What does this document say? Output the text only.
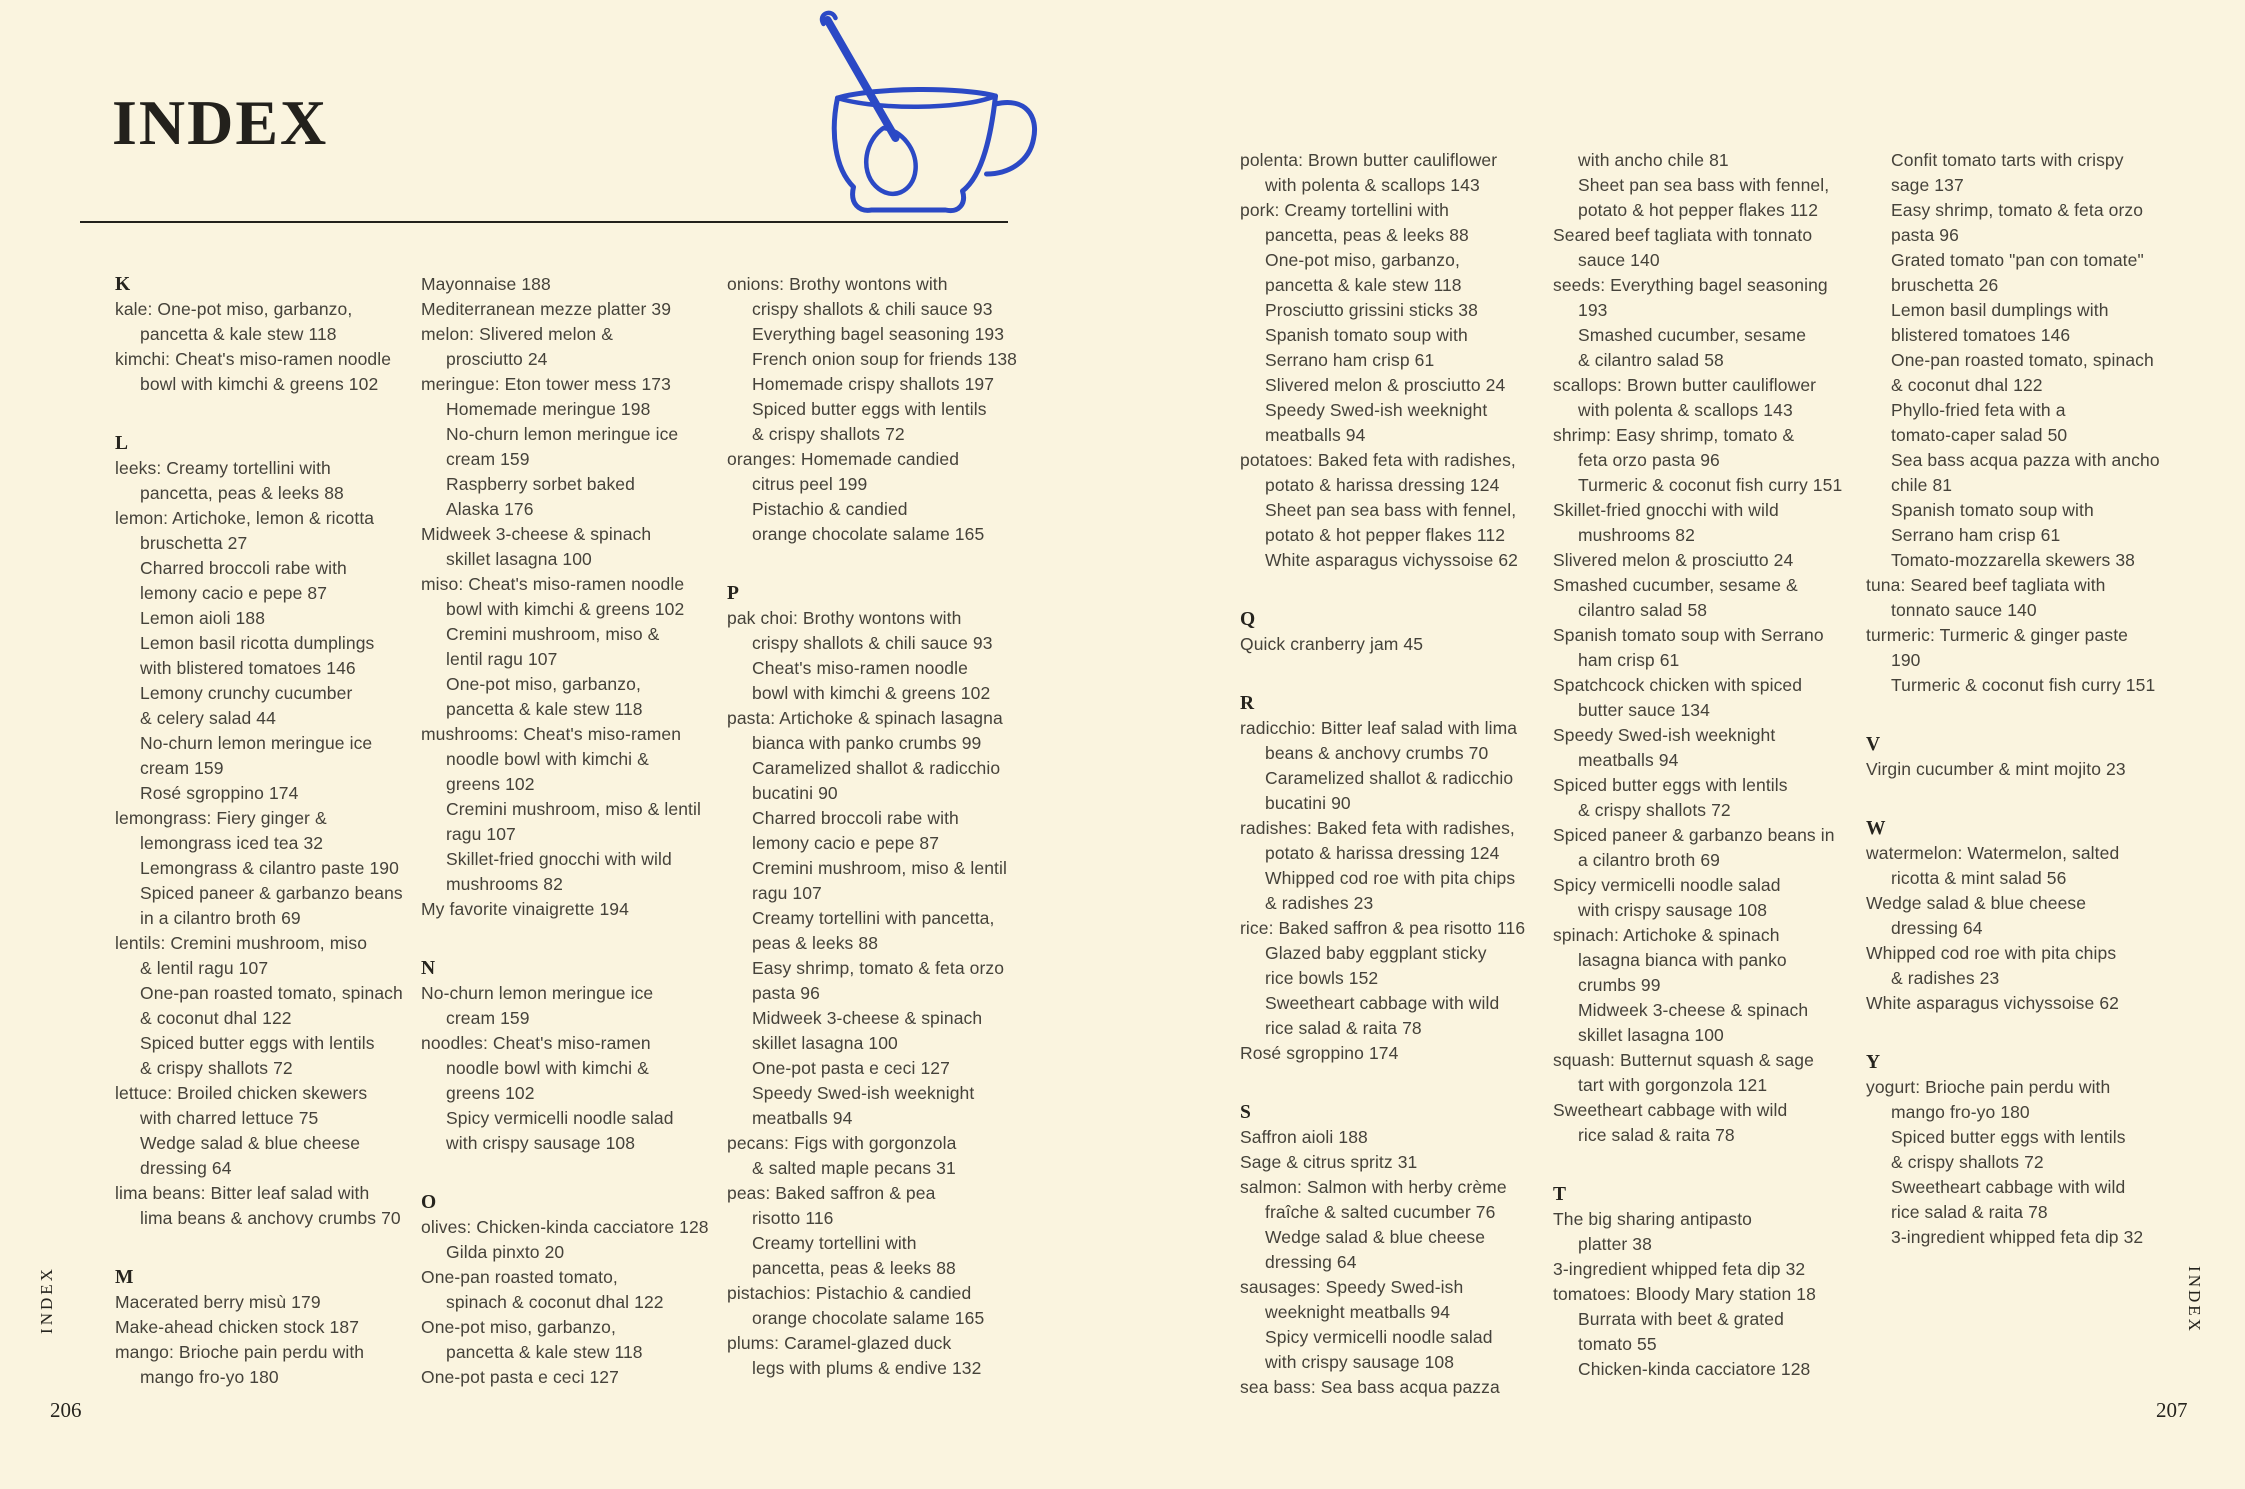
INDEX
K
kale: One-pot miso, garbanzo,
pancetta & kale stew 118
kimchi: Cheat's miso-ramen noodle
bowl with kimchi & greens 102
L
leeks: Creamy tortellini with
pancetta, peas & leeks 88
lemon: Artichoke, lemon & ricotta
bruschetta 27
Charred broccoli rabe with
lemony cacio e pepe 87
Lemon aioli 188
Lemon basil ricotta dumplings
with blistered tomatoes 146
Lemony crunchy cucumber
& celery salad 44
No-churn lemon meringue ice
cream 159
Rosé sgroppino 174
lemongrass: Fiery ginger &
lemongrass iced tea 32
Lemongrass & cilantro paste 190
Spiced paneer & garbanzo beans
in a cilantro broth 69
lentils: Cremini mushroom, miso
& lentil ragu 107
One-pan roasted tomato, spinach
& coconut dhal 122
Spiced butter eggs with lentils
& crispy shallots 72
lettuce: Broiled chicken skewers
with charred lettuce 75
Wedge salad & blue cheese
dressing 64
lima beans: Bitter leaf salad with
lima beans & anchovy crumbs 70
M
Macerated berry misù 179
Make-ahead chicken stock 187
mango: Brioche pain perdu with
mango fro-yo 180
Mayonnaise 188
Mediterranean mezze platter 39
melon: Slivered melon &
prosciutto 24
meringue: Eton tower mess 173
Homemade meringue 198
No-churn lemon meringue ice
cream 159
Raspberry sorbet baked
Alaska 176
Midweek 3-cheese & spinach
skillet lasagna 100
miso: Cheat's miso-ramen noodle
bowl with kimchi & greens 102
Cremini mushroom, miso &
lentil ragu 107
One-pot miso, garbanzo,
pancetta & kale stew 118
mushrooms: Cheat's miso-ramen
noodle bowl with kimchi &
greens 102
Cremini mushroom, miso & lentil
ragu 107
Skillet-fried gnocchi with wild
mushrooms 82
My favorite vinaigrette 194
N
No-churn lemon meringue ice
cream 159
noodles: Cheat's miso-ramen
noodle bowl with kimchi &
greens 102
Spicy vermicelli noodle salad
with crispy sausage 108
O
olives: Chicken-kinda cacciatore 128
Gilda pinxto 20
One-pan roasted tomato,
spinach & coconut dhal 122
One-pot miso, garbanzo,
pancetta & kale stew 118
One-pot pasta e ceci 127
onions: Brothy wontons with
crispy shallots & chili sauce 93
Everything bagel seasoning 193
French onion soup for friends 138
Homemade crispy shallots 197
Spiced butter eggs with lentils
& crispy shallots 72
oranges: Homemade candied
citrus peel 199
Pistachio & candied
orange chocolate salame 165
P
pak choi: Brothy wontons with
crispy shallots & chili sauce 93
Cheat's miso-ramen noodle
bowl with kimchi & greens 102
pasta: Artichoke & spinach lasagna
bianca with panko crumbs 99
Caramelized shallot & radicchio
bucatini 90
Charred broccoli rabe with
lemony cacio e pepe 87
Cremini mushroom, miso & lentil
ragu 107
Creamy tortellini with pancetta,
peas & leeks 88
Easy shrimp, tomato & feta orzo
pasta 96
Midweek 3-cheese & spinach
skillet lasagna 100
One-pot pasta e ceci 127
Speedy Swed-ish weeknight
meatballs 94
pecans: Figs with gorgonzola
& salted maple pecans 31
peas: Baked saffron & pea
risotto 116
Creamy tortellini with
pancetta, peas & leeks 88
pistachios: Pistachio & candied
orange chocolate salame 165
plums: Caramel-glazed duck
legs with plums & endive 132
polenta: Brown butter cauliflower
with polenta & scallops 143
pork: Creamy tortellini with
pancetta, peas & leeks 88
One-pot miso, garbanzo,
pancetta & kale stew 118
Prosciutto grissini sticks 38
Spanish tomato soup with
Serrano ham crisp 61
Slivered melon & prosciutto 24
Speedy Swed-ish weeknight
meatballs 94
potatoes: Baked feta with radishes,
potato & harissa dressing 124
Sheet pan sea bass with fennel,
potato & hot pepper flakes 112
White asparagus vichyssoise 62
Q
Quick cranberry jam 45
R
radicchio: Bitter leaf salad with lima
beans & anchovy crumbs 70
Caramelized shallot & radicchio
bucatini 90
radishes: Baked feta with radishes,
potato & harissa dressing 124
Whipped cod roe with pita chips
& radishes 23
rice: Baked saffron & pea risotto 116
Glazed baby eggplant sticky
rice bowls 152
Sweetheart cabbage with wild
rice salad & raita 78
Rosé sgroppino 174
S
Saffron aioli 188
Sage & citrus spritz 31
salmon: Salmon with herby crème
fraîche & salted cucumber 76
Wedge salad & blue cheese
dressing 64
sausages: Speedy Swed-ish
weeknight meatballs 94
Spicy vermicelli noodle salad
with crispy sausage 108
sea bass: Sea bass acqua pazza
with ancho chile 81
Sheet pan sea bass with fennel,
potato & hot pepper flakes 112
Seared beef tagliata with tonnato
sauce 140
seeds: Everything bagel seasoning
193
Smashed cucumber, sesame
& cilantro salad 58
scallops: Brown butter cauliflower
with polenta & scallops 143
shrimp: Easy shrimp, tomato &
feta orzo pasta 96
Turmeric & coconut fish curry 151
Skillet-fried gnocchi with wild
mushrooms 82
Slivered melon & prosciutto 24
Smashed cucumber, sesame &
cilantro salad 58
Spanish tomato soup with Serrano
ham crisp 61
Spatchcock chicken with spiced
butter sauce 134
Speedy Swed-ish weeknight
meatballs 94
Spiced butter eggs with lentils
& crispy shallots 72
Spiced paneer & garbanzo beans in
a cilantro broth 69
Spicy vermicelli noodle salad
with crispy sausage 108
spinach: Artichoke & spinach
lasagna bianca with panko
crumbs 99
Midweek 3-cheese & spinach
skillet lasagna 100
squash: Butternut squash & sage
tart with gorgonzola 121
Sweetheart cabbage with wild
rice salad & raita 78
T
The big sharing antipasto
platter 38
3-ingredient whipped feta dip 32
tomatoes: Bloody Mary station 18
Burrata with beet & grated
tomato 55
Chicken-kinda cacciatore 128
Confit tomato tarts with crispy
sage 137
Easy shrimp, tomato & feta orzo
pasta 96
Grated tomato "pan con tomate"
bruschetta 26
Lemon basil dumplings with
blistered tomatoes 146
One-pan roasted tomato, spinach
& coconut dhal 122
Phyllo-fried feta with a
tomato-caper salad 50
Sea bass acqua pazza with ancho
chile 81
Spanish tomato soup with
Serrano ham crisp 61
Tomato-mozzarella skewers 38
tuna: Seared beef tagliata with
tonnato sauce 140
turmeric: Turmeric & ginger paste
190
Turmeric & coconut fish curry 151
V
Virgin cucumber & mint mojito 23
W
watermelon: Watermelon, salted
ricotta & mint salad 56
Wedge salad & blue cheese
dressing 64
Whipped cod roe with pita chips
& radishes 23
White asparagus vichyssoise 62
Y
yogurt: Brioche pain perdu with
mango fro-yo 180
Spiced butter eggs with lentils
& crispy shallots 72
Sweetheart cabbage with wild
rice salad & raita 78
3-ingredient whipped feta dip 32
INDEX	INDEX
206	207
